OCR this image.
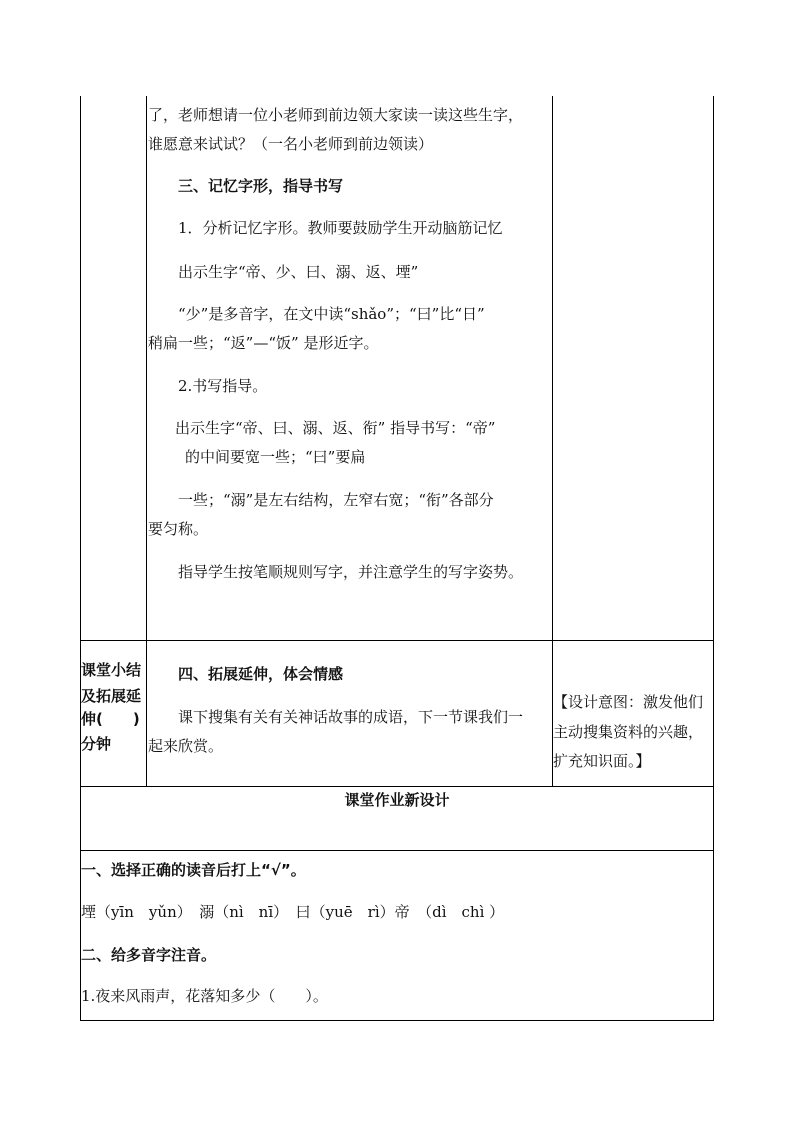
了，老师想请一位小老师到前边领大家读一读这些生字，
谁愿意来试试？（一名小老师到前边领读）
三、记忆字形，指导书写
1．分析记忆字形。教师要鼓励学生开动脑筋记忆
出示生字“帝、少、曰、溺、返、堙”
“少”是多音字，在文中读“shǎo”；“曰”比“日”
稍扁一些；“返”—“饭” 是形近字。
2.书写指导。
出示生字“帝、曰、溺、返、衔” 指导书写：“帝”
的中间要宽一些；“曰”要扁
一些；“溺”是左右结构，左窄右宽；“衔”各部分
要匀称。
指导学生按笔顺规则写字，并注意学生的写字姿势。
课堂小结
及拓展延
伸(　　)
分钟
四、拓展延伸，体会情感
课下搜集有关有关神话故事的成语，下一节课我们一
起来欣赏。
【设计意图：激发他们
主动搜集资料的兴趣，
扩充知识面。】
课堂作业新设计
一、选择正确的读音后打上“√”。
堙（yīn　yǔn）　溺（nì　nī）　曰（yuē　rì）帝　（dì　chì ）
二、给多音字注音。
1.夜来风雨声，花落知多少（　　）。
